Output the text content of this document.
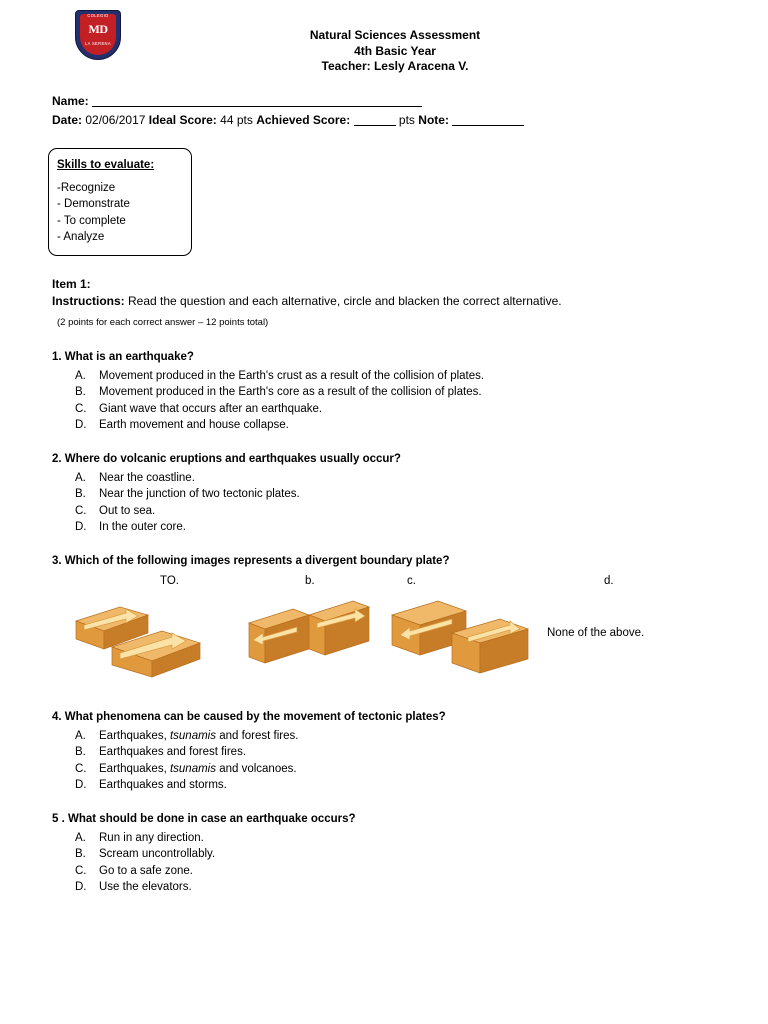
COLEGIO
MD
LA SERENA
Natural Sciences Assessment
4th Basic Year
Teacher: Lesly Aracena V.
Name:
Date: 02/06/2017 Ideal Score: 44 pts Achieved Score:	pts Note:
Skills to evaluate:
-Recognize
- Demonstrate
- To complete
- Analyze
Item 1:
Instructions: Read the question and each alternative, circle and blacken the correct alternative.
(2 points for each correct answer – 12 points total)
1. What is an earthquake?
A.	Movement produced in the Earth's crust as a result of the collision of plates.
B.	Movement produced in the Earth's core as a result of the collision of plates.
C.	Giant wave that occurs after an earthquake.
D.	Earth movement and house collapse.
2. Where do volcanic eruptions and earthquakes usually occur?
A.	Near the coastline.
B.	Near the junction of two tectonic plates.
C.	Out to sea.
D.	In the outer core.
3. Which of the following images represents a divergent boundary plate?
TO.	b.	c.	d.
None of the above.
4. What phenomena can be caused by the movement of tectonic plates?
A.	Earthquakes, tsunamis and forest fires.
B.	Earthquakes and forest fires.
C.	Earthquakes, tsunamis and volcanoes.
D.	Earthquakes and storms.
5 . What should be done in case an earthquake occurs?
A.	Run in any direction.
B.	Scream uncontrollably.
C.	Go to a safe zone.
D.	Use the elevators.
